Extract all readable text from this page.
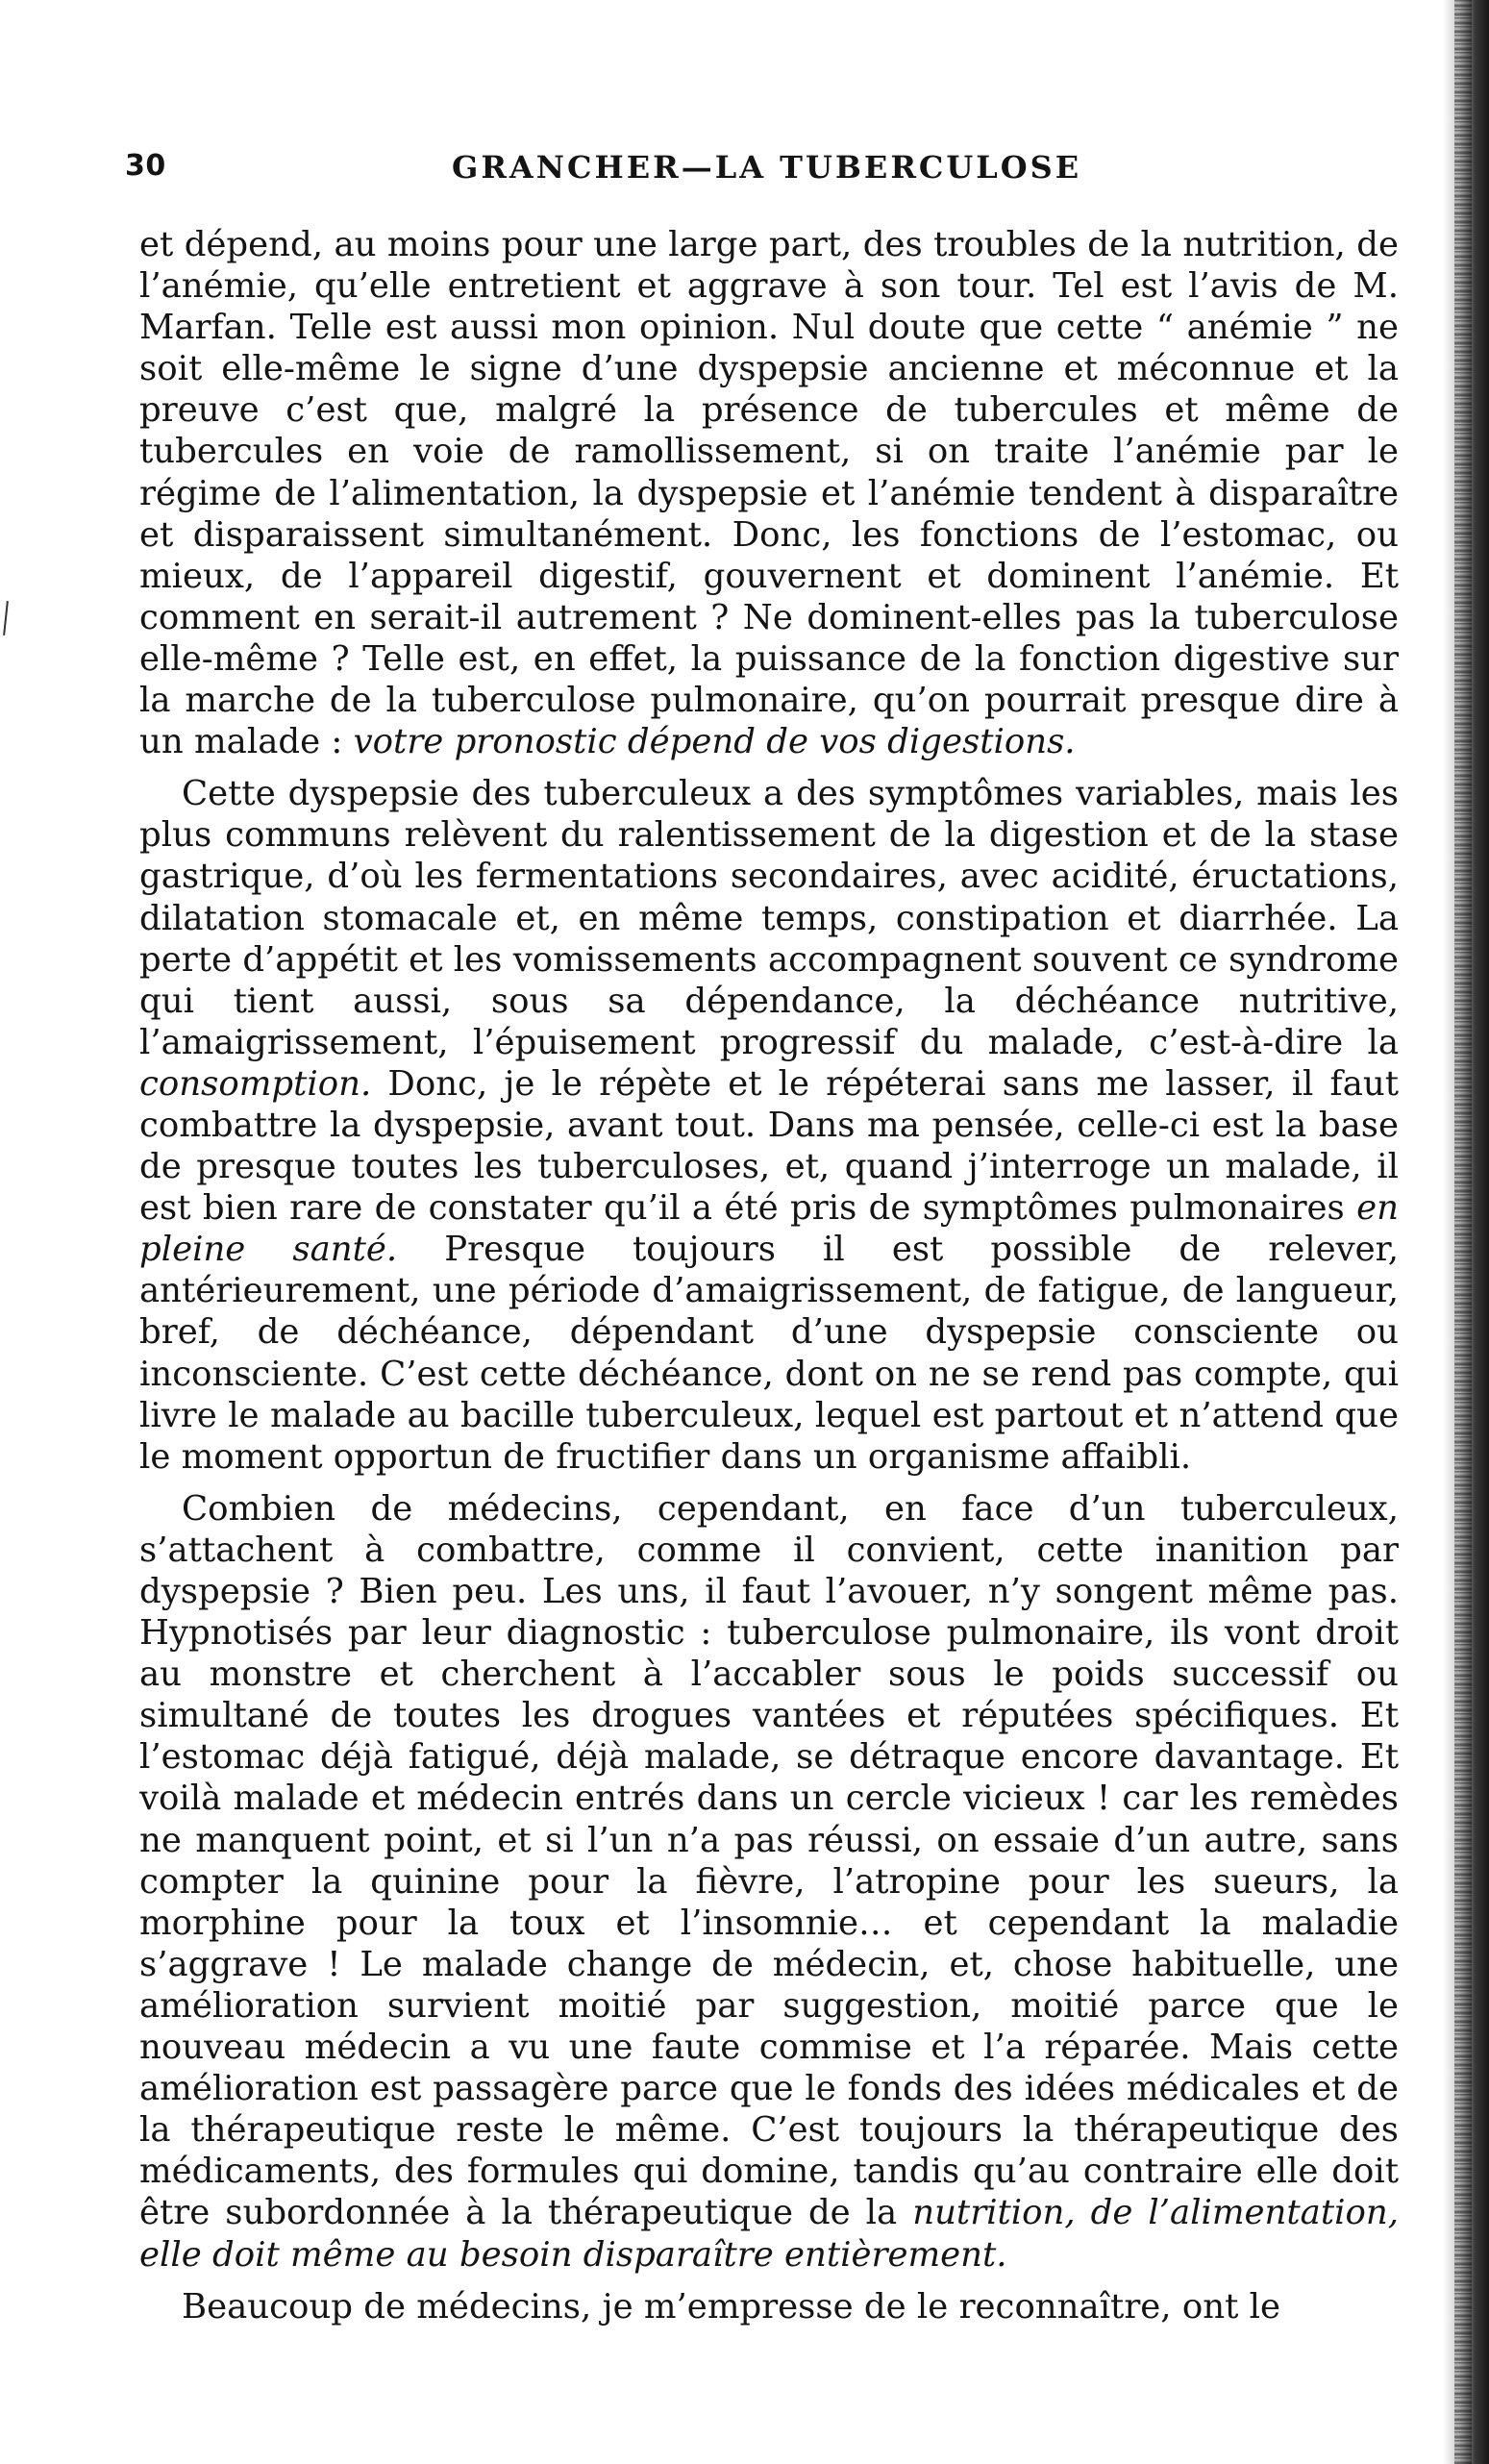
30	GRANCHER—LA TUBERCULOSE

et dépend, au moins pour une large part, des troubles de la nutrition, de l’anémie, qu’elle entretient et aggrave à son tour. Tel est l’avis de M. Marfan. Telle est aussi mon opinion. Nul doute que cette “ anémie ” ne soit elle-même le signe d’une dyspepsie ancienne et méconnue et la preuve c’est que, malgré la présence de tubercules et même de tubercules en voie de ramollissement, si on traite l’anémie par le régime de l’alimentation, la dyspepsie et l’anémie tendent à disparaître et disparaissent simultanément. Donc, les fonctions de l’estomac, ou mieux, de l’appareil digestif, gouvernent et dominent l’anémie. Et comment en serait-il autrement ? Ne dominent-elles pas la tuberculose elle-même ? Telle est, en effet, la puissance de la fonction digestive sur la marche de la tuberculose pulmonaire, qu’on pourrait presque dire à un malade : votre pronostic dépend de vos digestions.

Cette dyspepsie des tuberculeux a des symptômes variables, mais les plus communs relèvent du ralentissement de la digestion et de la stase gastrique, d’où les fermentations secondaires, avec acidité, éructations, dilatation stomacale et, en même temps, constipation et diarrhée. La perte d’appétit et les vomissements accompagnent souvent ce syndrome qui tient aussi, sous sa dépendance, la déchéance nutritive, l’amaigrissement, l’épuisement progressif du malade, c’est-à-dire la consomption. Donc, je le répète et le répéterai sans me lasser, il faut combattre la dyspepsie, avant tout. Dans ma pensée, celle-ci est la base de presque toutes les tuberculoses, et, quand j’interroge un malade, il est bien rare de constater qu’il a été pris de symptômes pulmonaires en pleine santé. Presque toujours il est possible de relever, antérieurement, une période d’amaigrissement, de fatigue, de langueur, bref, de déchéance, dépendant d’une dyspepsie consciente ou inconsciente. C’est cette déchéance, dont on ne se rend pas compte, qui livre le malade au bacille tuberculeux, lequel est partout et n’attend que le moment opportun de fructifier dans un organisme affaibli.

Combien de médecins, cependant, en face d’un tuberculeux, s’attachent à combattre, comme il convient, cette inanition par dyspepsie ? Bien peu. Les uns, il faut l’avouer, n’y songent même pas. Hypnotisés par leur diagnostic : tuberculose pulmonaire, ils vont droit au monstre et cherchent à l’accabler sous le poids successif ou simultané de toutes les drogues vantées et réputées spécifiques. Et l’estomac déjà fatigué, déjà malade, se détraque encore davantage. Et voilà malade et médecin entrés dans un cercle vicieux ! car les remèdes ne manquent point, et si l’un n’a pas réussi, on essaie d’un autre, sans compter la quinine pour la fièvre, l’atropine pour les sueurs, la morphine pour la toux et l’insomnie… et cependant la maladie s’aggrave ! Le malade change de médecin, et, chose habituelle, une amélioration survient moitié par suggestion, moitié parce que le nouveau médecin a vu une faute commise et l’a réparée. Mais cette amélioration est passagère parce que le fonds des idées médicales et de la thérapeutique reste le même. C’est toujours la thérapeutique des médicaments, des formules qui domine, tandis qu’au contraire elle doit être subordonnée à la thérapeutique de la nutrition, de l’alimentation, elle doit même au besoin disparaître entièrement.

Beaucoup de médecins, je m’empresse de le reconnaître, ont le
